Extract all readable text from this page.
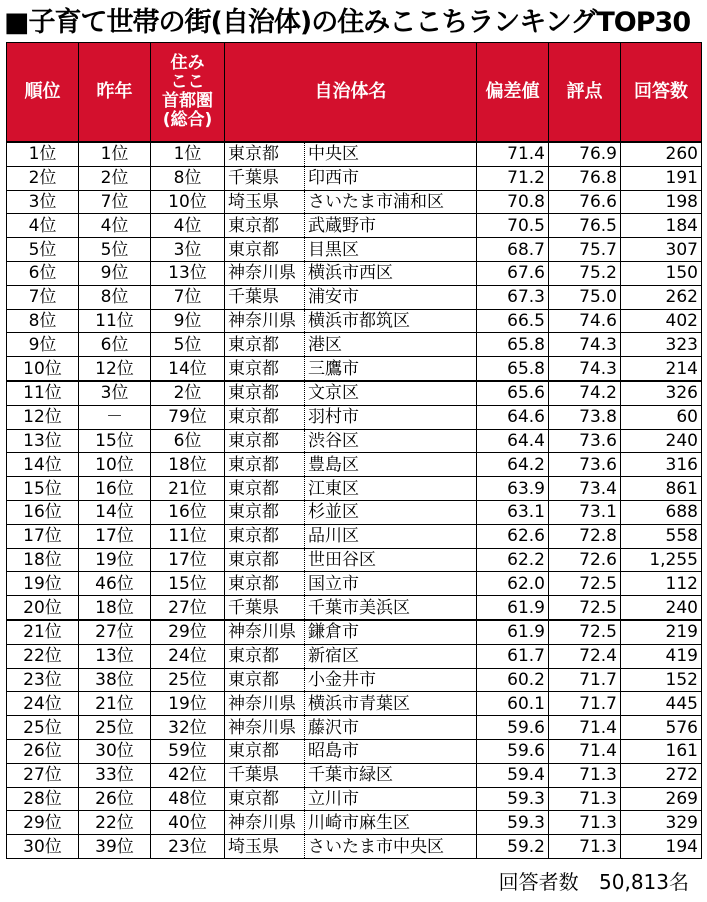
■子育て世帯の街(自治体)の住みここちランキングTOP30
順位	昨年	住み
ここ
首都圏
(総合)	自治体名		偏差値	評点	回答数
1位	1位	1位	東京都	中央区	71.4	76.9	260
2位	2位	8位	千葉県	印西市	71.2	76.8	191
3位	7位	10位	埼玉県	さいたま市浦和区	70.8	76.6	198
4位	4位	4位	東京都	武蔵野市	70.5	76.5	184
5位	5位	3位	東京都	目黒区	68.7	75.7	307
6位	9位	13位	神奈川県	横浜市西区	67.6	75.2	150
7位	8位	7位	千葉県	浦安市	67.3	75.0	262
8位	11位	9位	神奈川県	横浜市都筑区	66.5	74.6	402
9位	6位	5位	東京都	港区	65.8	74.3	323
10位	12位	14位	東京都	三鷹市	65.8	74.3	214
11位	3位	2位	東京都	文京区	65.6	74.2	326
12位	－	79位	東京都	羽村市	64.6	73.8	60
13位	15位	6位	東京都	渋谷区	64.4	73.6	240
14位	10位	18位	東京都	豊島区	64.2	73.6	316
15位	16位	21位	東京都	江東区	63.9	73.4	861
16位	14位	16位	東京都	杉並区	63.1	73.1	688
17位	17位	11位	東京都	品川区	62.6	72.8	558
18位	19位	17位	東京都	世田谷区	62.2	72.6	1,255
19位	46位	15位	東京都	国立市	62.0	72.5	112
20位	18位	27位	千葉県	千葉市美浜区	61.9	72.5	240
21位	27位	29位	神奈川県	鎌倉市	61.9	72.5	219
22位	13位	24位	東京都	新宿区	61.7	72.4	419
23位	38位	25位	東京都	小金井市	60.2	71.7	152
24位	21位	19位	神奈川県	横浜市青葉区	60.1	71.7	445
25位	25位	32位	神奈川県	藤沢市	59.6	71.4	576
26位	30位	59位	東京都	昭島市	59.6	71.4	161
27位	33位	42位	千葉県	千葉市緑区	59.4	71.3	272
28位	26位	48位	東京都	立川市	59.3	71.3	269
29位	22位	40位	神奈川県	川崎市麻生区	59.3	71.3	329
30位	39位	23位	埼玉県	さいたま市中央区	59.2	71.3	194
回答者数 50,813名
